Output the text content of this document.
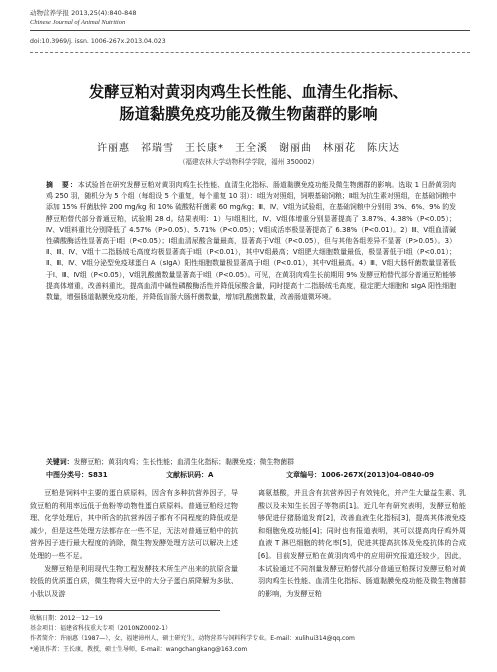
动物营养学报 2013,25(4):840-848
Chinese Journal of Animal Nutrition
doi:10.3969/j. issn. 1006-267x.2013.04.023
发酵豆粕对黄羽肉鸡生长性能、血清生化指标、
肠道黏膜免疫功能及微生物菌群的影响
许丽惠　祁瑞雪　王长康*　王全溪　谢丽曲　林丽花　陈庆达
（福建农林大学动物科学学院，福州 350002）
摘　要：本试验旨在研究发酵豆粕对黄羽肉鸡生长性能、血清生化指标、肠道黏膜免疫功能及微生物菌群的影响。选取 1 日龄黄羽肉鸡 250 羽，随机分为 5 个组（每组设 5 个重复，每个重复 10 羽）：Ⅰ组为对照组，饲喂基础饲粮；Ⅱ组为抗生素对照组，在基础饲粮中添加 15% 杆菌肽锌 200 mg/kg 和 10% 硫酸粘杆菌素 60 mg/kg；Ⅲ、Ⅳ、Ⅴ组为试验组，在基础饲粮中分别用 3%、6%、9% 的发酵豆粕替代部分普通豆粕，试验期 28 d。结果表明：1）与Ⅰ组相比，Ⅳ、Ⅴ组体增重分别显著提高了 3.87%、4.38%（P<0.05）；Ⅳ、Ⅴ组料重比分别降低了 4.57%（P>0.05）、5.71%（P<0.05）；Ⅴ组成活率极显著提高了 6.38%（P<0.01）。2）Ⅲ、Ⅴ组血清碱性磷酸酶活性显著高于Ⅰ组（P<0.05）；Ⅰ组血清尿酸含量最高，显著高于Ⅴ组（P<0.05），但与其他各组差异不显著（P>0.05）。3）Ⅱ、Ⅲ、Ⅳ、Ⅴ组十二指肠绒毛高度均极显著高于Ⅰ组（P<0.01），其中Ⅴ组最高；Ⅴ组肥大细胞数量最低，极显著低于Ⅰ组（P<0.01）；Ⅱ、Ⅲ、Ⅳ、Ⅴ组分泌型免疫球蛋白 A（sIgA）阳性细胞数量极显著高于Ⅰ组（P<0.01），其中Ⅴ组最高。4）Ⅲ、Ⅴ组大肠杆菌数量显著低于Ⅰ、Ⅲ、Ⅳ组（P<0.05），Ⅴ组乳酸菌数量显著高于Ⅰ组（P<0.05）。可见，在黄羽肉鸡生长前期用 9% 发酵豆粕替代部分普通豆粕能够提高体增重，改善料重比，提高血清中碱性磷酸酶活性并降低尿酸含量，同时提高十二指肠绒毛高度，稳定肥大细胞和 sIgA 阳性细胞数量，增强肠道黏膜免疫功能，并降低盲肠大肠杆菌数量，增加乳酸菌数量，改善肠道微环境。
关键词：发酵豆粕；黄羽肉鸡；生长性能；血清生化指标；黏膜免疫；微生物菌群
中图分类号：S831	文献标识码：A	文章编号：1006-267X(2013)04-0840-09

豆粕是饲料中主要的蛋白质原料，因含有多种抗营养因子，导致豆粕的利用率远低于鱼粉等动物性蛋白质原料。普通豆粕经过物理、化学处理后，其中所含的抗营养因子都有不同程度的降低或是减少，但是这些处理方法都存在一些不足，无法对普通豆粕中的抗营养因子进行最大程度的消除，微生物发酵处理方法可以解决上述处理的一些不足。

发酵豆粕是利用现代生物工程发酵技术所生产出来的抗原含量较低的优质蛋白质，微生物将大豆中的大分子蛋白质降解为多肽、小肽以及游

离氨基酸，并且含有抗营养因子有效钝化，并产生大量益生素、乳酸以及未知生长因子等物质[1]。近几年有研究表明，发酵豆粕能够促进仔猪肠道发育[2]，改善血液生化指标[3]，提高其体液免疫和细胞免疫功能[4]；同时也有报道表明，其可以提高肉仔鸡外周血液 T 淋巴细胞的转化率[5]，促进其提高抗体及免疫抗体的合成[6]。目前发酵豆粕在黄羽肉鸡中的应用研究报道还较少，因此，本试验通过不同剂量发酵豆粕替代部分普通豆粕探讨发酵豆粕对黄羽肉鸡生长性能、血清生化指标、肠道黏膜免疫功能及微生物菌群的影响，为发酵豆粕

收稿日期：2012－12－19
基金项目：福建省科技重大专项（2010NZ0002-1）
作者简介：许丽惠（1987—），女，福建漳州人，硕士研究生，动物营养与饲料科学专业。E-mail：xulihui314@qq.com
*通讯作者：王长康，教授，硕士生导师，E-mail：wangchangkang@163.com
